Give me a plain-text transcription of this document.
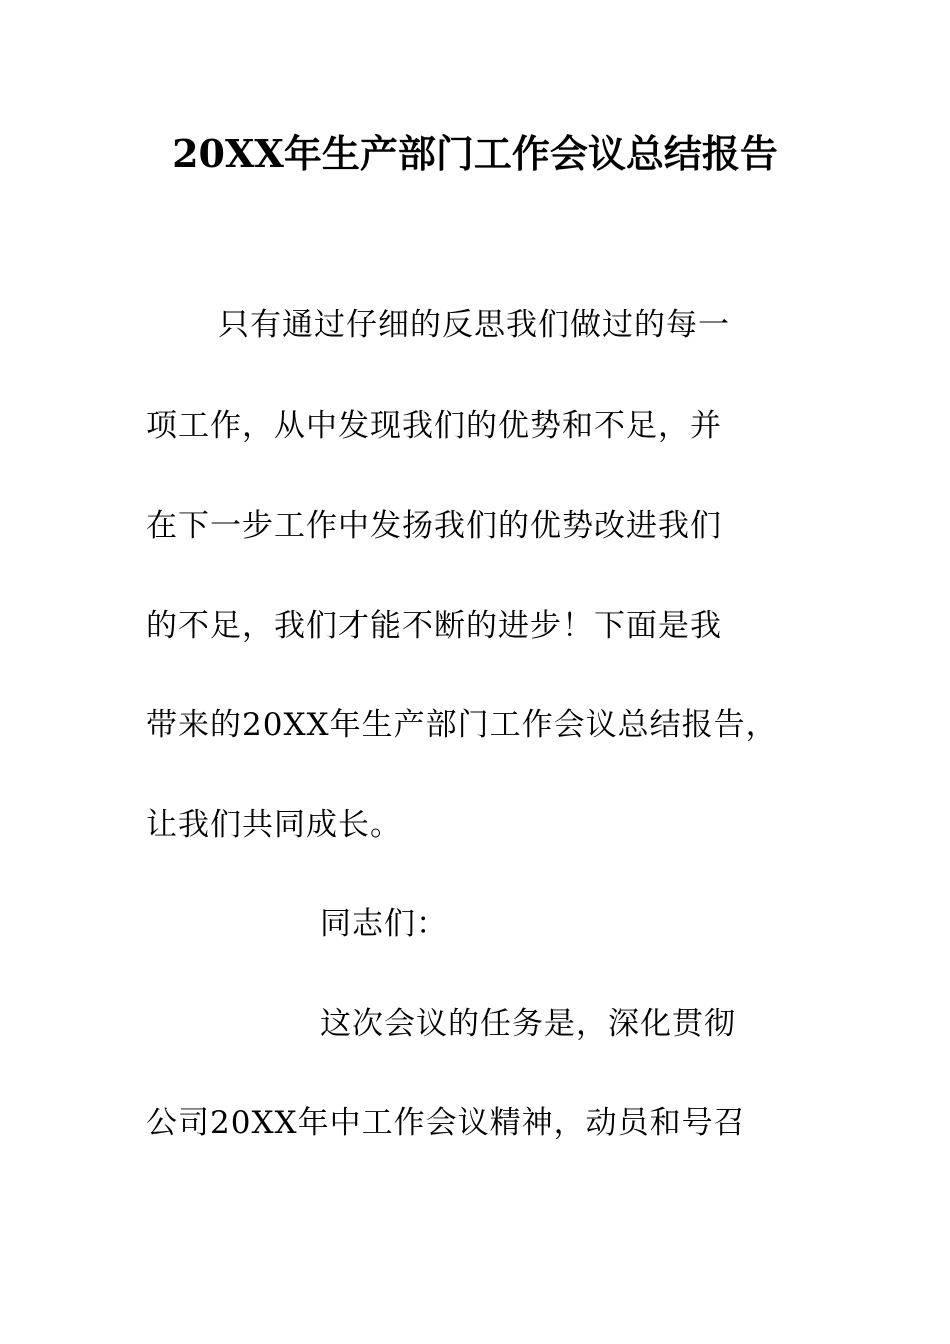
20XX年生产部门工作会议总结报告
只有通过仔细的反思我们做过的每一
项工作，从中发现我们的优势和不足，并
在下一步工作中发扬我们的优势改进我们
的不足，我们才能不断的进步！下面是我
带来的20XX年生产部门工作会议总结报告，
让我们共同成长。
同志们：
这次会议的任务是，深化贯彻
公司20XX年中工作会议精神，动员和号召
